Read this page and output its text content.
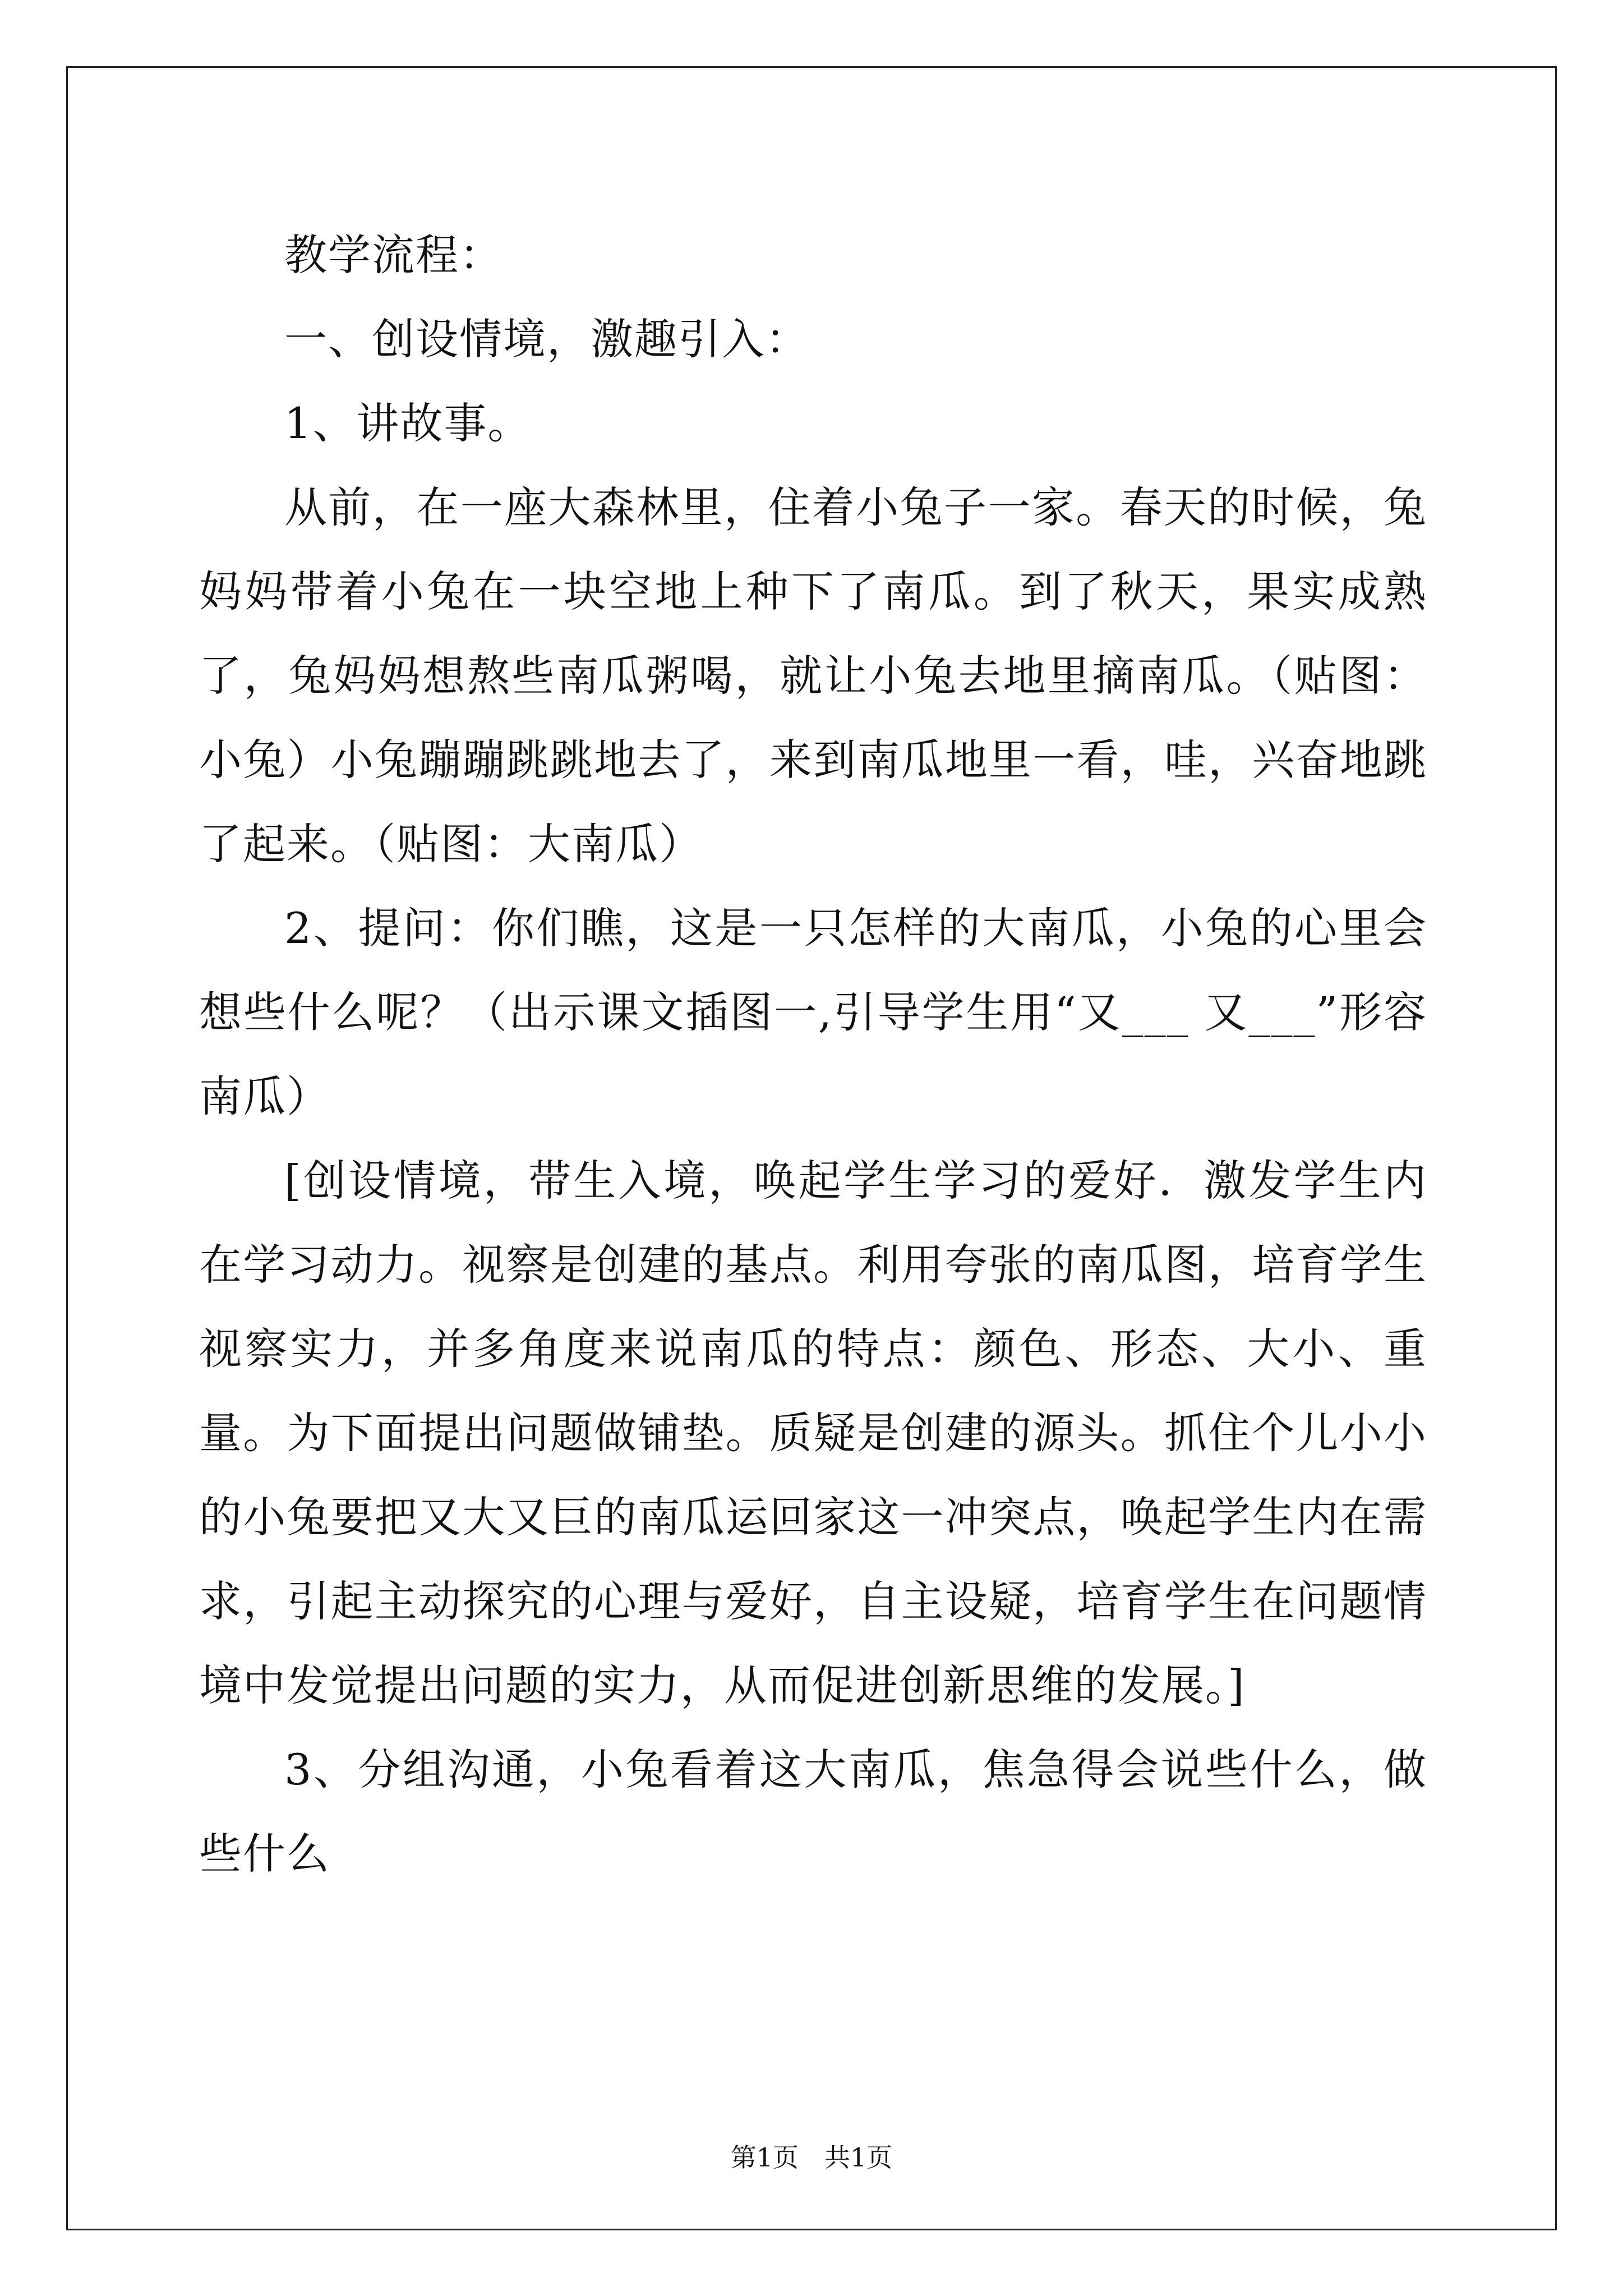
教学流程：

一、创设情境，激趣引入：

1、讲故事。

从前，在一座大森林里，住着小兔子一家。春天的时候，兔妈妈带着小兔在一块空地上种下了南瓜。到了秋天，果实成熟了，兔妈妈想熬些南瓜粥喝，就让小兔去地里摘南瓜。（贴图：小兔）小兔蹦蹦跳跳地去了，来到南瓜地里一看，哇，兴奋地跳了起来。（贴图：大南瓜）

2、提问：你们瞧，这是一只怎样的大南瓜，小兔的心里会想些什么呢？（出示课文插图一,引导学生用“又___ 又___”形容南瓜）

[创设情境，带生入境，唤起学生学习的爱好．激发学生内在学习动力。视察是创建的基点。利用夸张的南瓜图，培育学生视察实力，并多角度来说南瓜的特点：颜色、形态、大小、重量。为下面提出问题做铺垫。质疑是创建的源头。抓住个儿小小的小兔要把又大又巨的南瓜运回家这一冲突点，唤起学生内在需求，引起主动探究的心理与爱好，自主设疑，培育学生在问题情境中发觉提出问题的实力，从而促进创新思维的发展。]

3、分组沟通，小兔看着这大南瓜，焦急得会说些什么，做些什么

第1页　共1页
